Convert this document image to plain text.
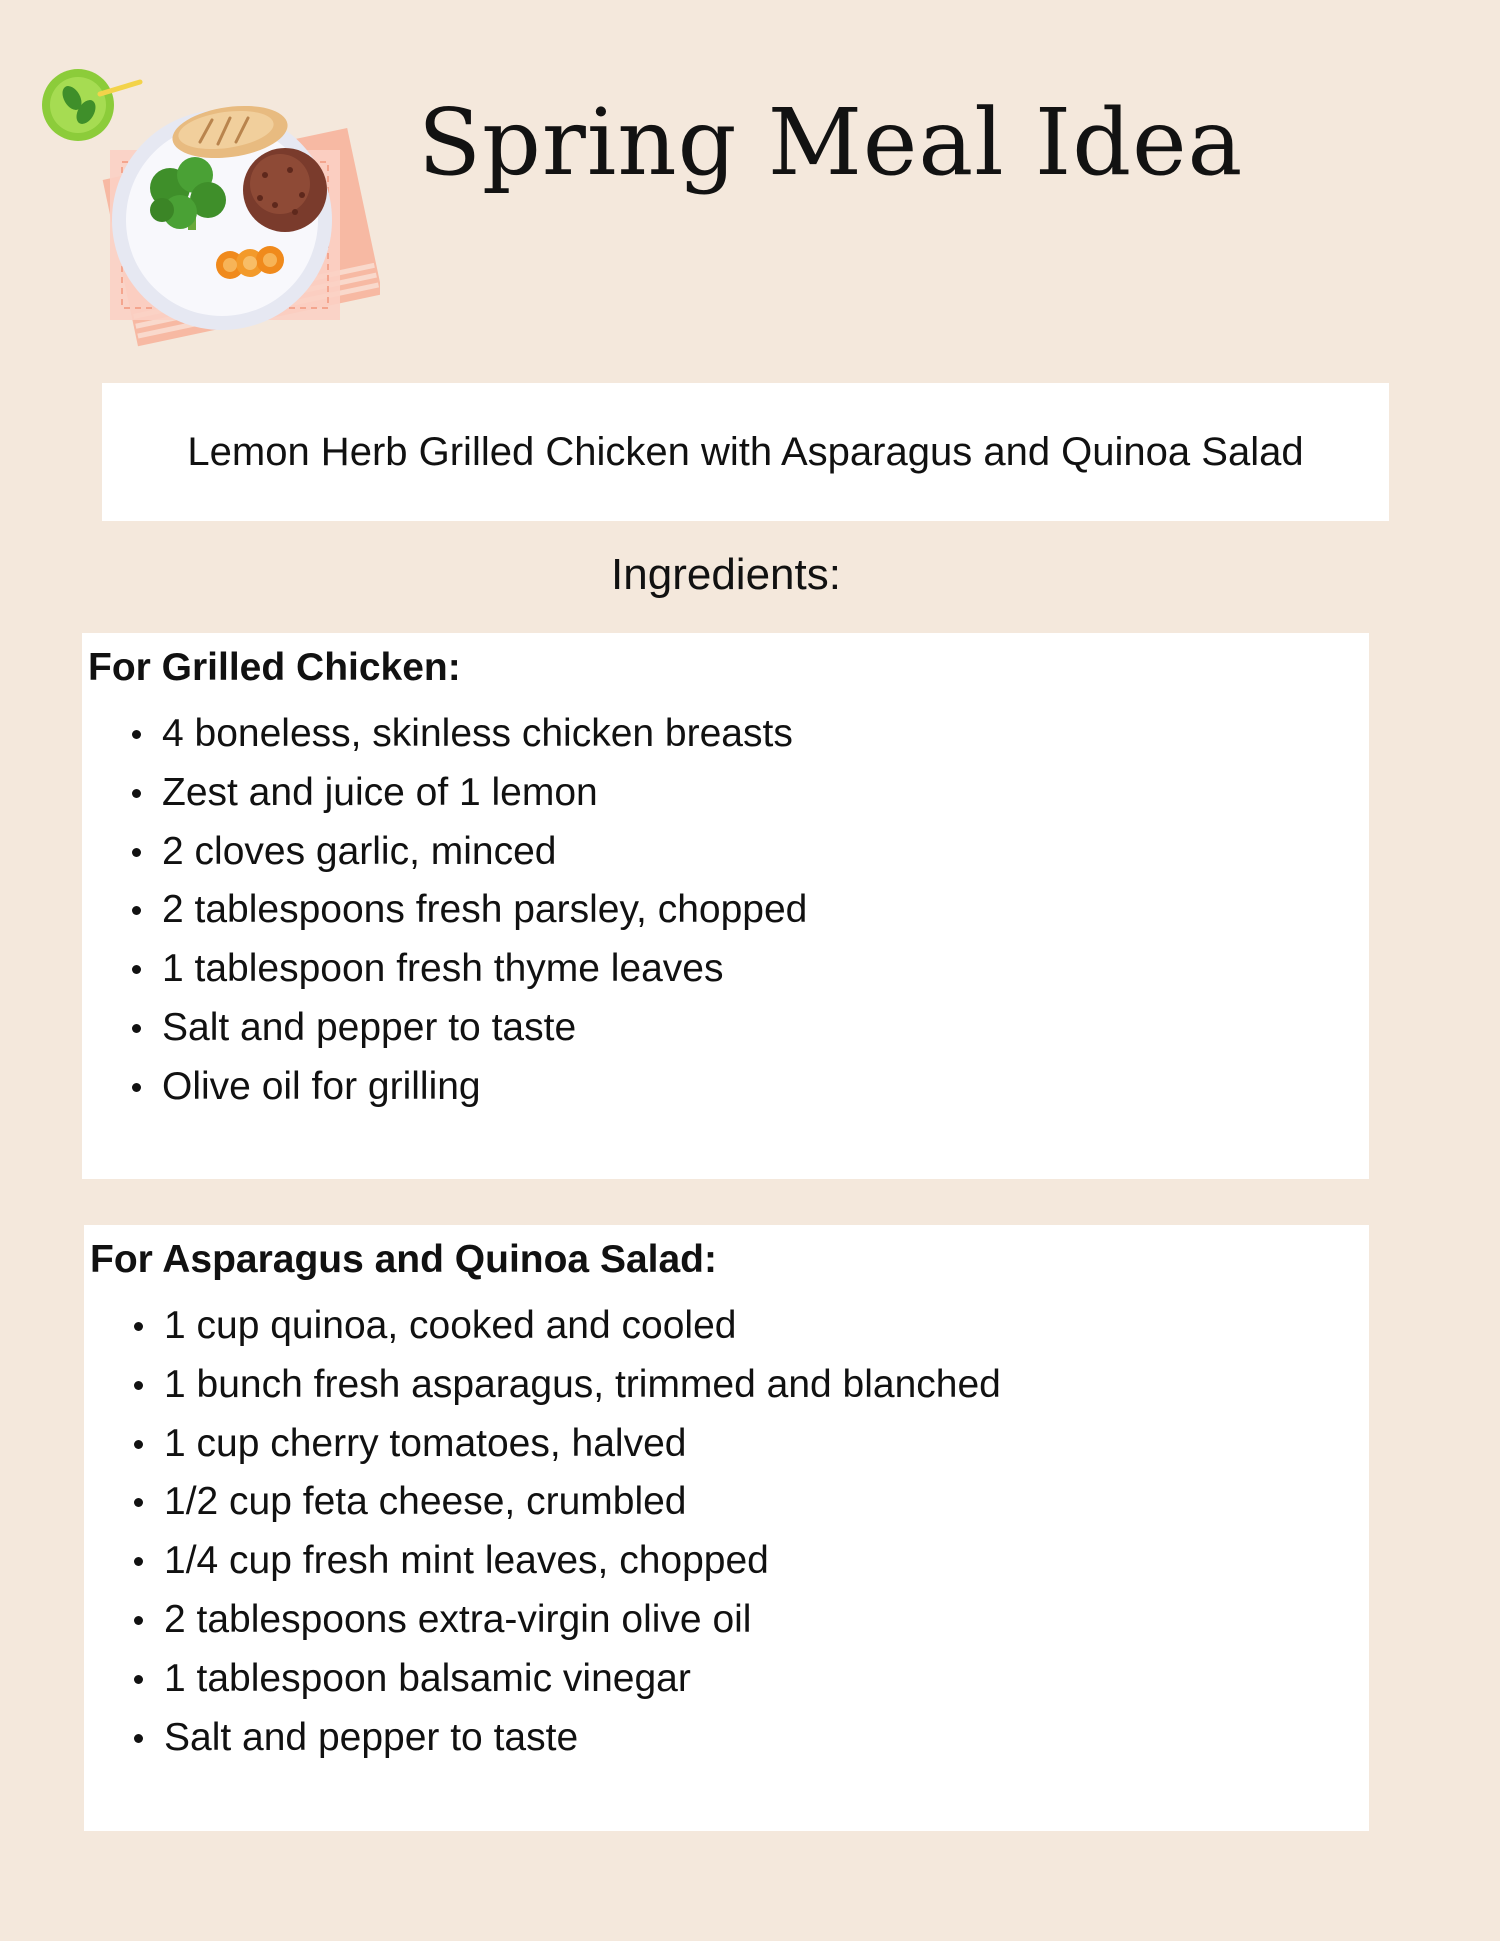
Spring Meal Idea
Lemon Herb Grilled Chicken with Asparagus and Quinoa Salad
Ingredients:
For Grilled Chicken:
4 boneless, skinless chicken breasts
Zest and juice of 1 lemon
2 cloves garlic, minced
2 tablespoons fresh parsley, chopped
1 tablespoon fresh thyme leaves
Salt and pepper to taste
Olive oil for grilling
For Asparagus and Quinoa Salad:
1 cup quinoa, cooked and cooled
1 bunch fresh asparagus, trimmed and blanched
1 cup cherry tomatoes, halved
1/2 cup feta cheese, crumbled
1/4 cup fresh mint leaves, chopped
2 tablespoons extra-virgin olive oil
1 tablespoon balsamic vinegar
Salt and pepper to taste
